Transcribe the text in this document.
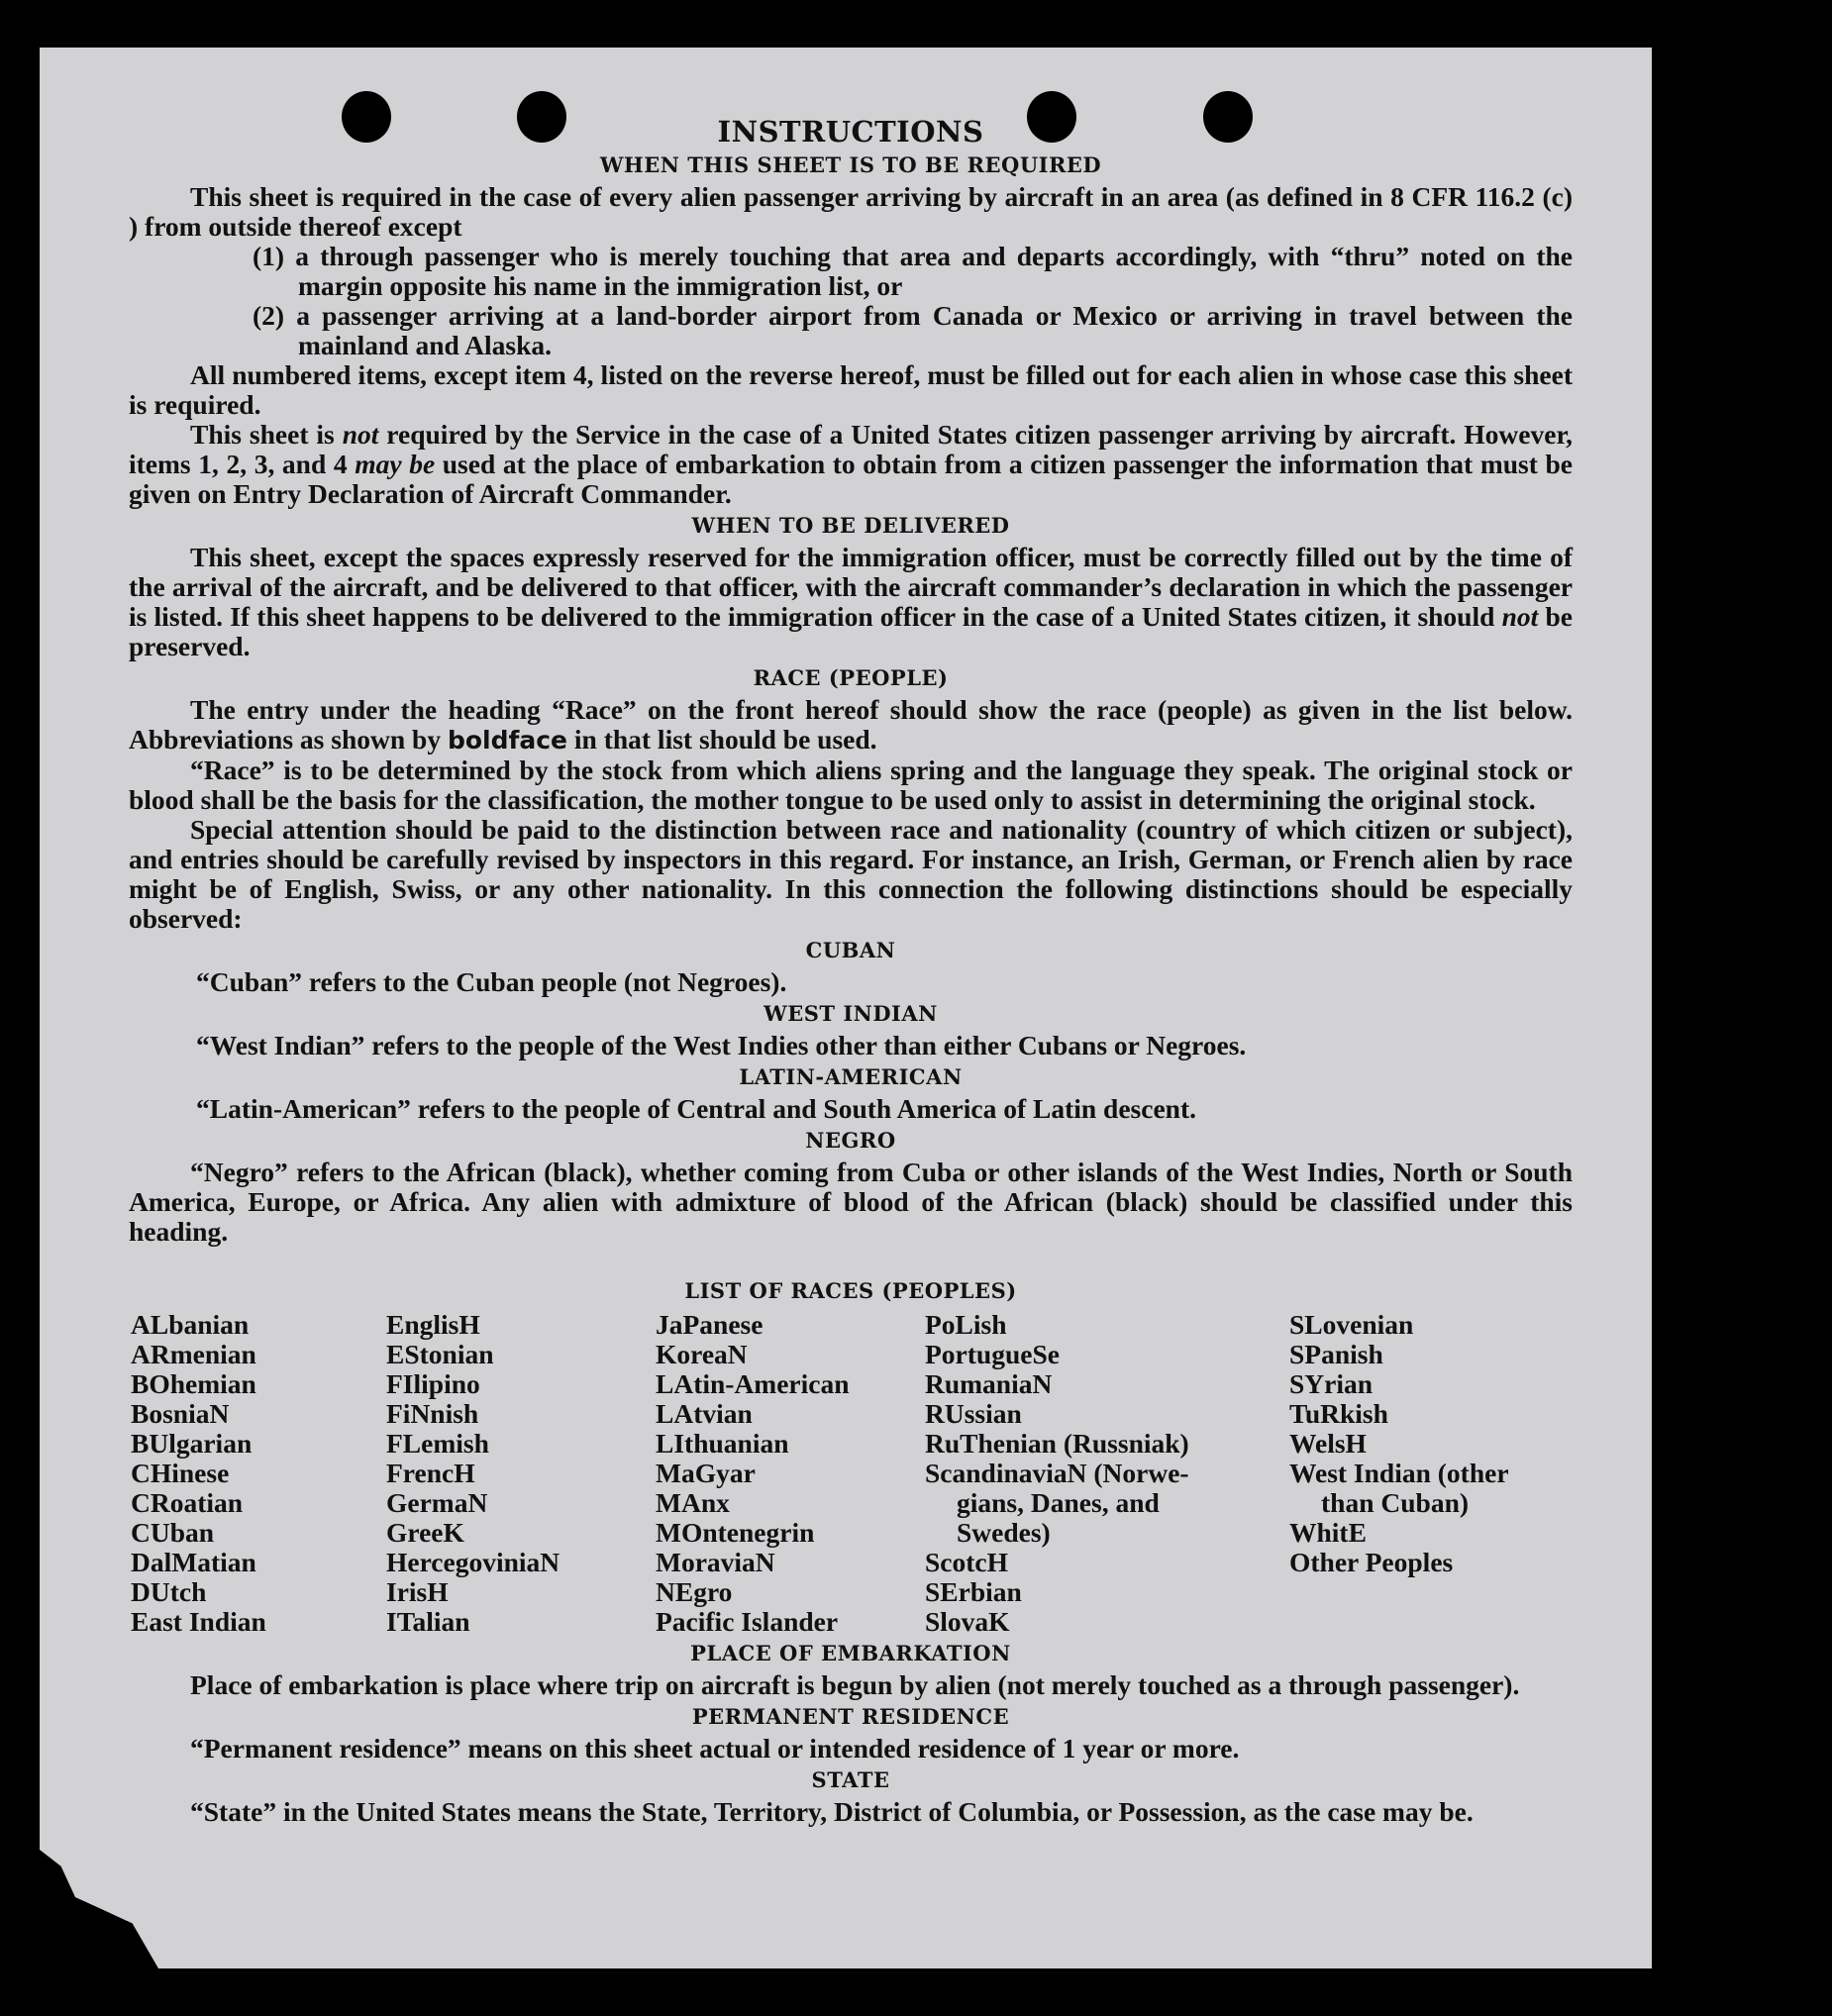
INSTRUCTIONS
WHEN THIS SHEET IS TO BE REQUIRED

This sheet is required in the case of every alien passenger arriving by aircraft in an area (as defined in 8 CFR 116.2 (c) ) from outside thereof except

(1) a through passenger who is merely touching that area and departs accordingly, with “thru” noted on the margin opposite his name in the immigration list, or
(2) a passenger arriving at a land-border airport from Canada or Mexico or arriving in travel between the mainland and Alaska.

All numbered items, except item 4, listed on the reverse hereof, must be filled out for each alien in whose case this sheet is required.

This sheet is not required by the Service in the case of a United States citizen passenger arriving by aircraft. However, items 1, 2, 3, and 4 may be used at the place of embarkation to obtain from a citizen passenger the information that must be given on Entry Declaration of Aircraft Commander.

WHEN TO BE DELIVERED

This sheet, except the spaces expressly reserved for the immigration officer, must be correctly filled out by the time of the arrival of the aircraft, and be delivered to that officer, with the aircraft commander’s declaration in which the passenger is listed. If this sheet happens to be delivered to the immigration officer in the case of a United States citizen, it should not be preserved.

RACE (PEOPLE)

The entry under the heading “Race” on the front hereof should show the race (people) as given in the list below. Abbreviations as shown by boldface in that list should be used.

“Race” is to be determined by the stock from which aliens spring and the language they speak. The original stock or blood shall be the basis for the classification, the mother tongue to be used only to assist in determining the original stock.

Special attention should be paid to the distinction between race and nationality (country of which citizen or subject), and entries should be carefully revised by inspectors in this regard. For instance, an Irish, German, or French alien by race might be of English, Swiss, or any other nationality. In this connection the following distinctions should be especially observed:

CUBAN
“Cuban” refers to the Cuban people (not Negroes).
WEST INDIAN
“West Indian” refers to the people of the West Indies other than either Cubans or Negroes.
LATIN-AMERICAN
“Latin-American” refers to the people of Central and South America of Latin descent.
NEGRO

“Negro” refers to the African (black), whether coming from Cuba or other islands of the West Indies, North or South America, Europe, or Africa. Any alien with admixture of blood of the African (black) should be classified under this heading.

LIST OF RACES (PEOPLES)
ALbanian
ARmenian
BOhemian
BosniaN
BUlgarian
CHinese
CRoatian
CUban
DalMatian
DUtch
East Indian
EnglisH
EStonian
FIlipino
FiNnish
FLemish
FrencH
GermaN
GreeK
HercegoviniaN
IrisH
ITalian
JaPanese
KoreaN
LAtin-American
LAtvian
LIthuanian
MaGyar
MAnx
MOntenegrin
MoraviaN
NEgro
Pacific Islander
PoLish
PortugueSe
RumaniaN
RUssian
RuThenian (Russniak)
ScandinaviaN (Norwe-
gians, Danes, and
Swedes)
ScotcH
SErbian
SlovaK
SLovenian
SPanish
SYrian
TuRkish
WelsH
West Indian (other
than Cuban)
WhitE
Other Peoples
PLACE OF EMBARKATION

Place of embarkation is place where trip on aircraft is begun by alien (not merely touched as a through passenger).

PERMANENT RESIDENCE

“Permanent residence” means on this sheet actual or intended residence of 1 year or more.

STATE

“State” in the United States means the State, Territory, District of Columbia, or Possession, as the case may be.
